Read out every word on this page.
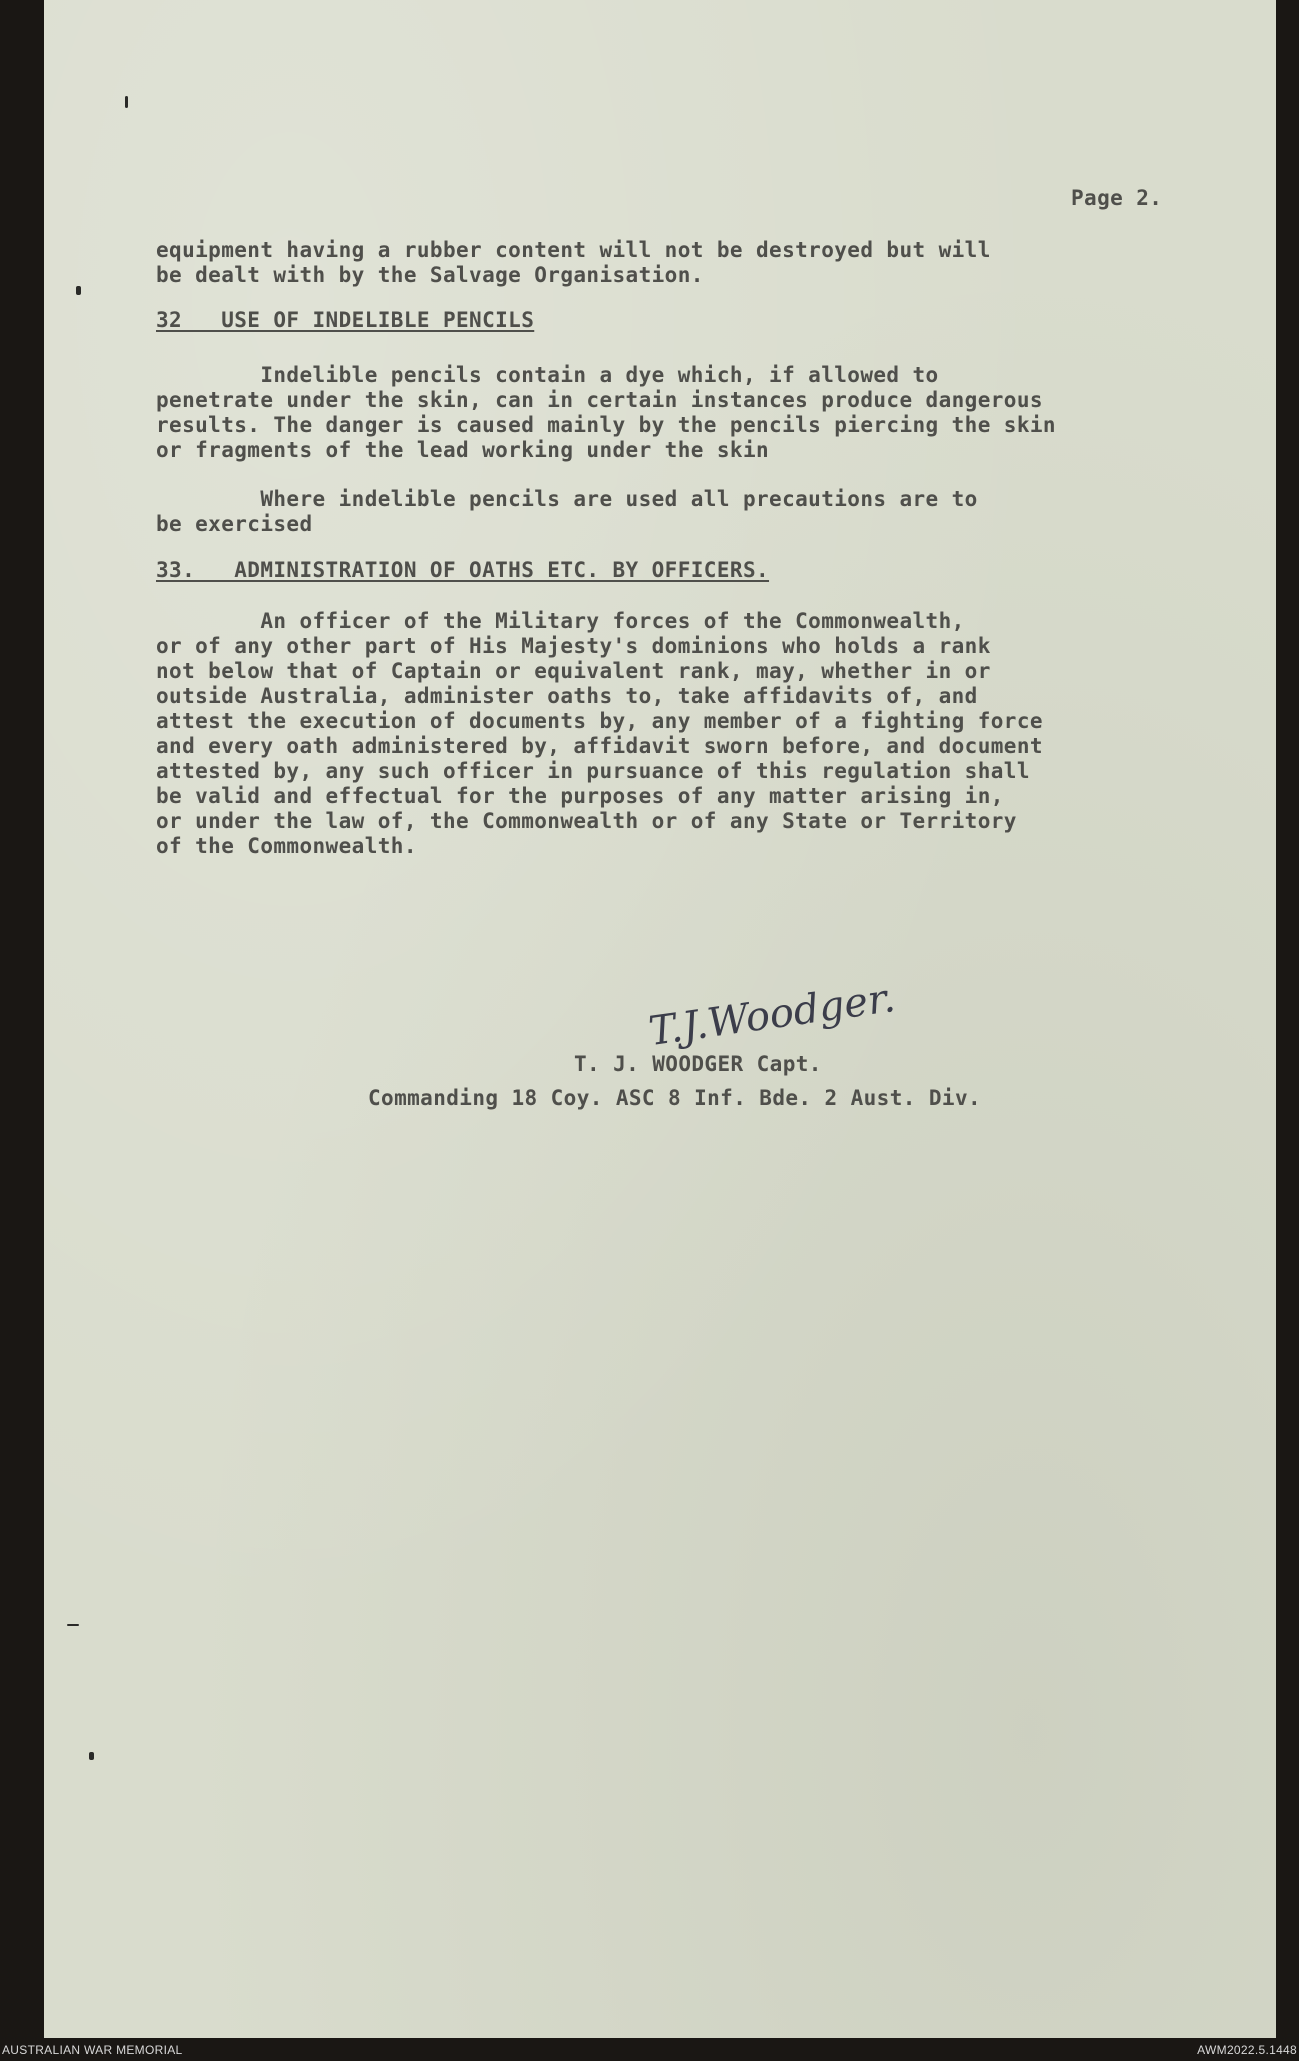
Page 2.
equipment having a rubber content will not be destroyed but will
be dealt with by the Salvage Organisation.
32   USE OF INDELIBLE PENCILS
Indelible pencils contain a dye which, if allowed to
penetrate under the skin, can in certain instances produce dangerous
results. The danger is caused mainly by the pencils piercing the skin
or fragments of the lead working under the skin
Where indelible pencils are used all precautions are to
be exercised
33.   ADMINISTRATION OF OATHS ETC. BY OFFICERS.
An officer of the Military forces of the Commonwealth,
or of any other part of His Majesty's dominions who holds a rank
not below that of Captain or equivalent rank, may, whether in or
outside Australia, administer oaths to, take affidavits of, and
attest the execution of documents by, any member of a fighting force
and every oath administered by, affidavit sworn before, and document
attested by, any such officer in pursuance of this regulation shall
be valid and effectual for the purposes of any matter arising in,
or under the law of, the Commonwealth or of any State or Territory
of the Commonwealth.
T.J.Woodger.
T. J. WOODGER Capt.
Commanding 18 Coy. ASC 8 Inf. Bde. 2 Aust. Div.
AUSTRALIAN WAR MEMORIAL	AWM2022.5.1448
